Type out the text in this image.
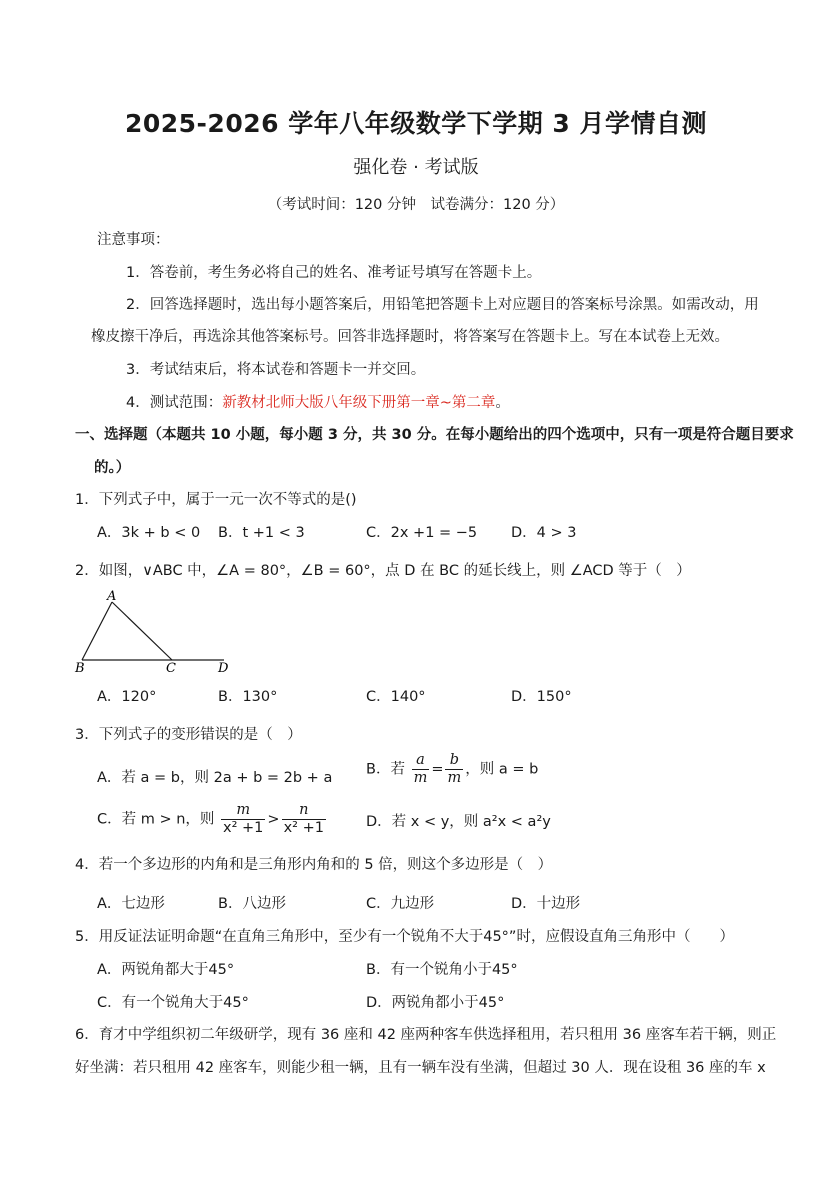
2025-2026 学年八年级数学下学期 3 月学情自测
强化卷 · 考试版
（考试时间：120 分钟　试卷满分：120 分）
注意事项：
1．答卷前，考生务必将自己的姓名、准考证号填写在答题卡上。
2．回答选择题时，选出每小题答案后，用铅笔把答题卡上对应题目的答案标号涂黑。如需改动，用
橡皮擦干净后，再选涂其他答案标号。回答非选择题时，将答案写在答题卡上。写在本试卷上无效。
3．考试结束后，将本试卷和答题卡一并交回。
4．测试范围：新教材北师大版八年级下册第一章~第二章。
一、选择题（本题共 10 小题，每小题 3 分，共 30 分。在每小题给出的四个选项中，只有一项是符合题目要求
的。）
1．下列式子中，属于一元一次不等式的是()
A．3k + b < 0 B．t +1 < 3	C．2x +1 = −5 D．4 > 3
2．如图，∨ABC 中，∠A = 80°，∠B = 60°，点 D 在 BC 的延长线上，则 ∠ACD 等于（　）
A
B	C	D
A．120°	B．130°	C．140°	D．150°
3．下列式子的变形错误的是（　）
A．若 a = b，则 2a + b = 2b + a
B．若 $\frac{a}{m} = \frac{b}{m}$ ，则 a = b
C．若 m > n，则 $\frac{m}{\text{x² +1}} > \frac{n}{\text{x² +1}}$	D．若 x < y，则 a²x < a²y
4．若一个多边形的内角和是三角形内角和的 5 倍，则这个多边形是（　）
A．七边形	B．八边形	C．九边形	D．十边形
5．用反证法证明命题“在直角三角形中，至少有一个锐角不大于45°”时，应假设直角三角形中（　　）
A．两锐角都大于45°	B．有一个锐角小于45°
C．有一个锐角大于45°	D．两锐角都小于45°
6．育才中学组织初二年级研学，现有 36 座和 42 座两种客车供选择租用，若只租用 36 座客车若干辆，则正
好坐满：若只租用 42 座客车，则能少租一辆，且有一辆车没有坐满，但超过 30 人．现在设租 36 座的车 x
